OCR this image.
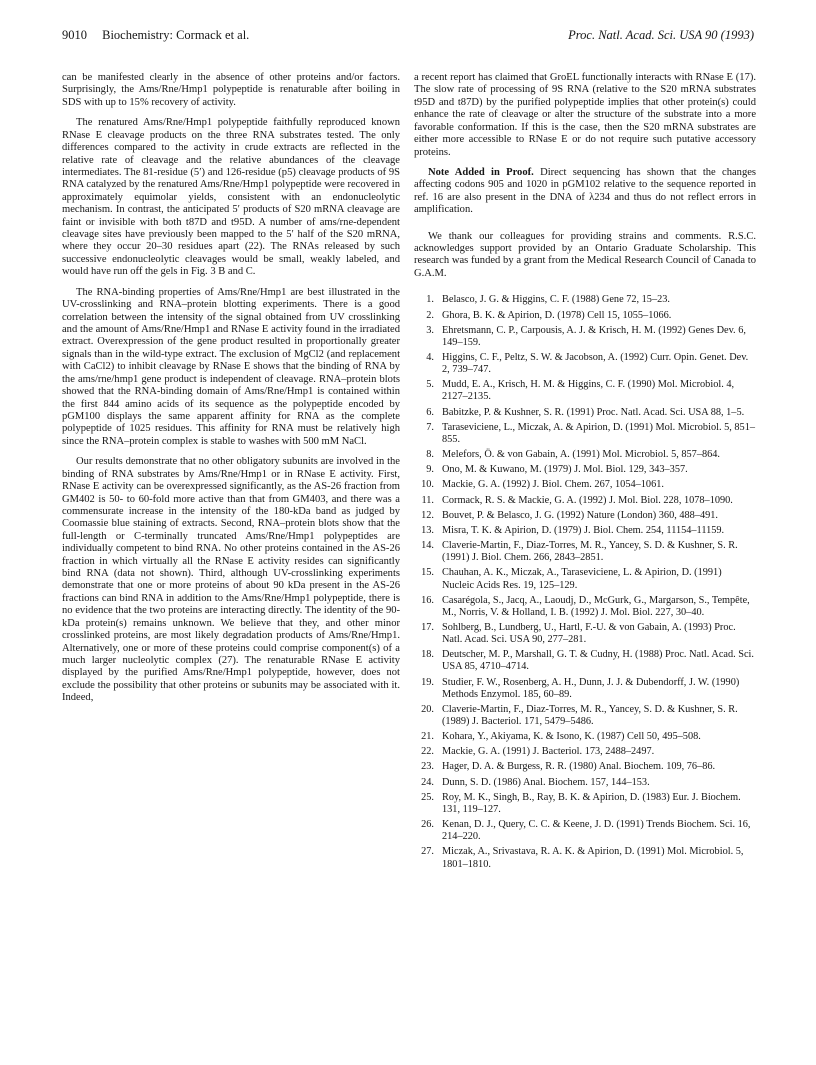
9010 Biochemistry: Cormack et al.	Proc. Natl. Acad. Sci. USA 90 (1993)

can be manifested clearly in the absence of other proteins and/or factors. Surprisingly, the Ams/Rne/Hmp1 polypeptide is renaturable after boiling in SDS with up to 15% recovery of activity.

The renatured Ams/Rne/Hmp1 polypeptide faithfully reproduced known RNase E cleavage products on the three RNA substrates tested. The only differences compared to the activity in crude extracts are reflected in the relative rate of cleavage and the relative abundances of the cleavage intermediates. The 81-residue (5′) and 126-residue (p5) cleavage products of 9S RNA catalyzed by the renatured Ams/Rne/Hmp1 polypeptide were recovered in approximately equimolar yields, consistent with an endonucleolytic mechanism. In contrast, the anticipated 5′ products of S20 mRNA cleavage are faint or invisible with both t87D and t95D. A number of ams/rne-dependent cleavage sites have previously been mapped to the 5′ half of the S20 mRNA, where they occur 20–30 residues apart (22). The RNAs released by such successive endonucleolytic cleavages would be small, weakly labeled, and would have run off the gels in Fig. 3 B and C.

The RNA-binding properties of Ams/Rne/Hmp1 are best illustrated in the UV-crosslinking and RNA–protein blotting experiments. There is a good correlation between the intensity of the signal obtained from UV crosslinking and the amount of Ams/Rne/Hmp1 and RNase E activity found in the irradiated extract. Overexpression of the gene product resulted in proportionally greater signals than in the wild-type extract. The exclusion of MgCl2 (and replacement with CaCl2) to inhibit cleavage by RNase E shows that the binding of RNA by the ams/rne/hmp1 gene product is independent of cleavage. RNA–protein blots showed that the RNA-binding domain of Ams/Rne/Hmp1 is contained within the first 844 amino acids of its sequence as the polypeptide encoded by pGM100 displays the same apparent affinity for RNA as the complete polypeptide of 1025 residues. This affinity for RNA must be relatively high since the RNA–protein complex is stable to washes with 500 mM NaCl.

Our results demonstrate that no other obligatory subunits are involved in the binding of RNA substrates by Ams/Rne/Hmp1 or in RNase E activity. First, RNase E activity can be overexpressed significantly, as the AS-26 fraction from GM402 is 50- to 60-fold more active than that from GM403, and there was a commensurate increase in the intensity of the 180-kDa band as judged by Coomassie blue staining of extracts. Second, RNA–protein blots show that the full-length or C-terminally truncated Ams/Rne/Hmp1 polypeptides are individually competent to bind RNA. No other proteins contained in the AS-26 fraction in which virtually all the RNase E activity resides can significantly bind RNA (data not shown). Third, although UV-crosslinking experiments demonstrate that one or more proteins of about 90 kDa present in the AS-26 fractions can bind RNA in addition to the Ams/Rne/Hmp1 polypeptide, there is no evidence that the two proteins are interacting directly. The identity of the 90-kDa protein(s) remains unknown. We believe that they, and other minor crosslinked proteins, are most likely degradation products of Ams/Rne/Hmp1. Alternatively, one or more of these proteins could comprise component(s) of a much larger nucleolytic complex (27). The renaturable RNase E activity displayed by the purified Ams/Rne/Hmp1 polypeptide, however, does not exclude the possibility that other proteins or subunits may be associated with it. Indeed,

a recent report has claimed that GroEL functionally interacts with RNase E (17). The slow rate of processing of 9S RNA (relative to the S20 mRNA substrates t95D and t87D) by the purified polypeptide implies that other protein(s) could enhance the rate of cleavage or alter the structure of the substrate into a more favorable conformation. If this is the case, then the S20 mRNA substrates are either more accessible to RNase E or do not require such putative accessory proteins.

Note Added in Proof. Direct sequencing has shown that the changes affecting codons 905 and 1020 in pGM102 relative to the sequence reported in ref. 16 are also present in the DNA of λ234 and thus do not reflect errors in amplification.

We thank our colleagues for providing strains and comments. R.S.C. acknowledges support provided by an Ontario Graduate Scholarship. This research was funded by a grant from the Medical Research Council of Canada to G.A.M.

1. Belasco, J. G. & Higgins, C. F. (1988) Gene 72, 15–23.
2. Ghora, B. K. & Apirion, D. (1978) Cell 15, 1055–1066.
3. Ehretsmann, C. P., Carpousis, A. J. & Krisch, H. M. (1992) Genes Dev. 6, 149–159.
4. Higgins, C. F., Peltz, S. W. & Jacobson, A. (1992) Curr. Opin. Genet. Dev. 2, 739–747.
5. Mudd, E. A., Krisch, H. M. & Higgins, C. F. (1990) Mol. Microbiol. 4, 2127–2135.
6. Babitzke, P. & Kushner, S. R. (1991) Proc. Natl. Acad. Sci. USA 88, 1–5.
7. Taraseviciene, L., Miczak, A. & Apirion, D. (1991) Mol. Microbiol. 5, 851–855.
8. Melefors, Ö. & von Gabain, A. (1991) Mol. Microbiol. 5, 857–864.
9. Ono, M. & Kuwano, M. (1979) J. Mol. Biol. 129, 343–357.
10. Mackie, G. A. (1992) J. Biol. Chem. 267, 1054–1061.
11. Cormack, R. S. & Mackie, G. A. (1992) J. Mol. Biol. 228, 1078–1090.
12. Bouvet, P. & Belasco, J. G. (1992) Nature (London) 360, 488–491.
13. Misra, T. K. & Apirion, D. (1979) J. Biol. Chem. 254, 11154–11159.
14. Claverie-Martin, F., Diaz-Torres, M. R., Yancey, S. D. & Kushner, S. R. (1991) J. Biol. Chem. 266, 2843–2851.
15. Chauhan, A. K., Miczak, A., Taraseviciene, L. & Apirion, D. (1991) Nucleic Acids Res. 19, 125–129.
16. Casarégola, S., Jacq, A., Laoudj, D., McGurk, G., Margarson, S., Tempête, M., Norris, V. & Holland, I. B. (1992) J. Mol. Biol. 227, 30–40.
17. Sohlberg, B., Lundberg, U., Hartl, F.-U. & von Gabain, A. (1993) Proc. Natl. Acad. Sci. USA 90, 277–281.
18. Deutscher, M. P., Marshall, G. T. & Cudny, H. (1988) Proc. Natl. Acad. Sci. USA 85, 4710–4714.
19. Studier, F. W., Rosenberg, A. H., Dunn, J. J. & Dubendorff, J. W. (1990) Methods Enzymol. 185, 60–89.
20. Claverie-Martin, F., Diaz-Torres, M. R., Yancey, S. D. & Kushner, S. R. (1989) J. Bacteriol. 171, 5479–5486.
21. Kohara, Y., Akiyama, K. & Isono, K. (1987) Cell 50, 495–508.
22. Mackie, G. A. (1991) J. Bacteriol. 173, 2488–2497.
23. Hager, D. A. & Burgess, R. R. (1980) Anal. Biochem. 109, 76–86.
24. Dunn, S. D. (1986) Anal. Biochem. 157, 144–153.
25. Roy, M. K., Singh, B., Ray, B. K. & Apirion, D. (1983) Eur. J. Biochem. 131, 119–127.
26. Kenan, D. J., Query, C. C. & Keene, J. D. (1991) Trends Biochem. Sci. 16, 214–220.
27. Miczak, A., Srivastava, R. A. K. & Apirion, D. (1991) Mol. Microbiol. 5, 1801–1810.
